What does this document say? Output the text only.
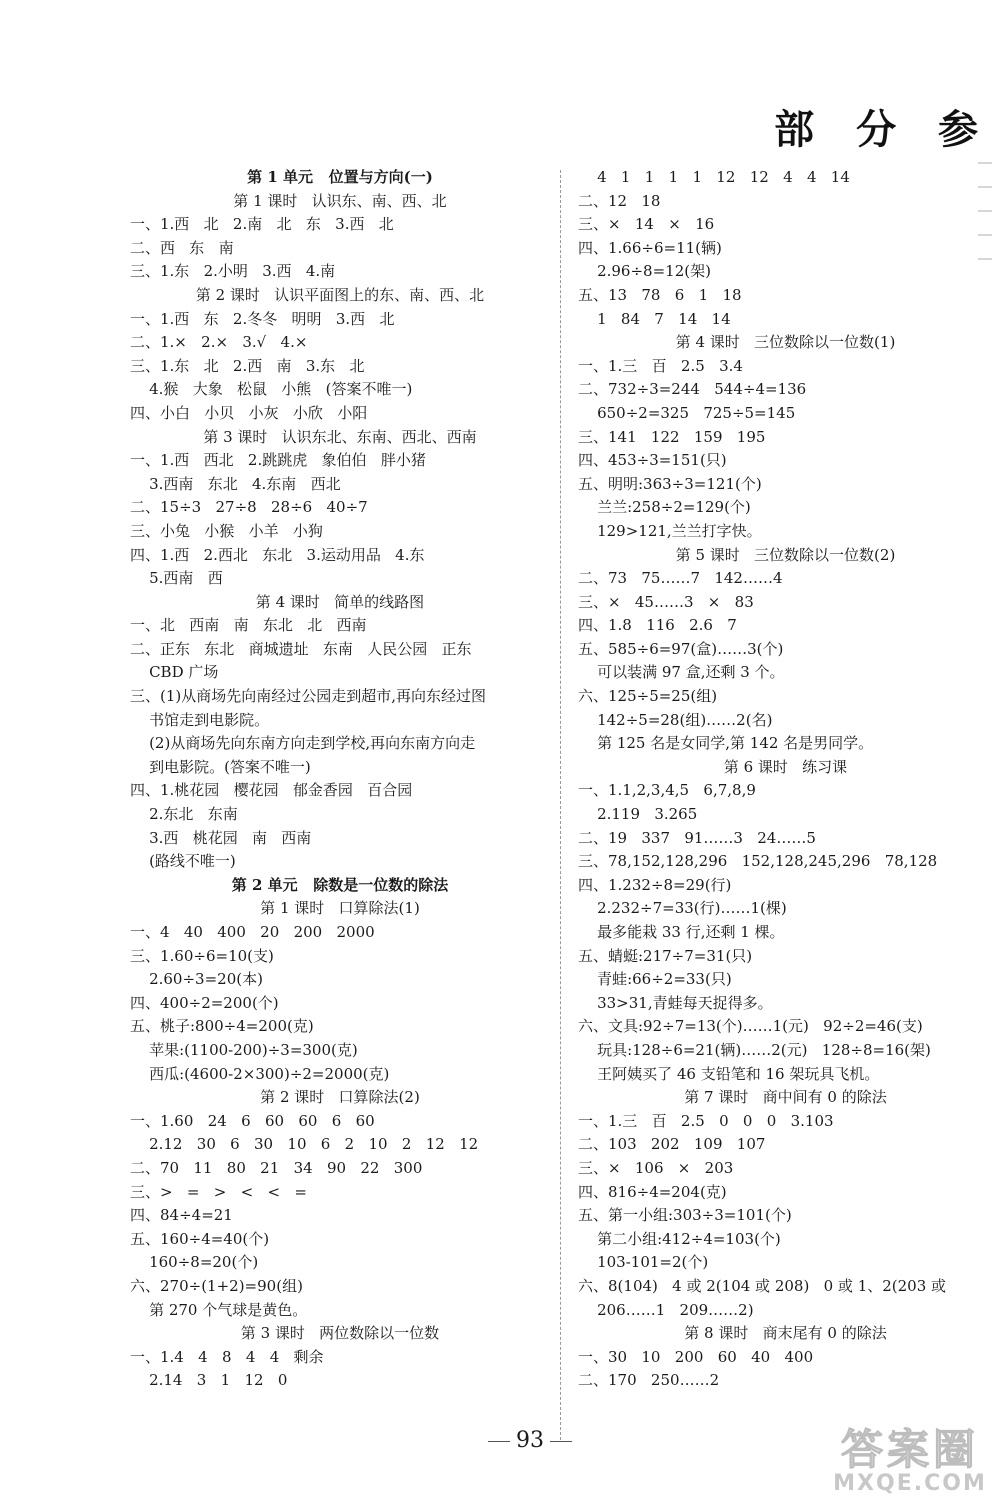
部 分 参
第 1 单元   位置与方向(一)
第 1 课时   认识东、南、西、北
一、1.西   北   2.南   北   东   3.西   北
二、西   东   南
三、1.东   2.小明   3.西   4.南
第 2 课时   认识平面图上的东、南、西、北
一、1.西   东   2.冬冬   明明   3.西   北
二、1.×   2.×   3.√   4.×
三、1.东   北   2.西   南   3.东   北
4.猴   大象   松鼠   小熊   (答案不唯一)
四、小白   小贝   小灰   小欣   小阳
第 3 课时   认识东北、东南、西北、西南
一、1.西   西北   2.跳跳虎   象伯伯   胖小猪
3.西南   东北   4.东南   西北
二、15÷3   27÷8   28÷6   40÷7
三、小兔   小猴   小羊   小狗
四、1.西   2.西北   东北   3.运动用品   4.东
5.西南   西
第 4 课时   简单的线路图
一、北   西南   南   东北   北   西南
二、正东   东北   商城遗址   东南   人民公园   正东
CBD 广场
三、(1)从商场先向南经过公园走到超市,再向东经过图
书馆走到电影院。
(2)从商场先向东南方向走到学校,再向东南方向走
到电影院。(答案不唯一)
四、1.桃花园   樱花园   郁金香园   百合园
2.东北   东南
3.西   桃花园   南   西南
(路线不唯一)
第 2 单元   除数是一位数的除法
第 1 课时   口算除法(1)
一、4   40   400   20   200   2000
三、1.60÷6=10(支)
2.60÷3=20(本)
四、400÷2=200(个)
五、桃子:800÷4=200(克)
苹果:(1100-200)÷3=300(克)
西瓜:(4600-2×300)÷2=2000(克)
第 2 课时   口算除法(2)
一、1.60   24   6   60   60   6   60
2.12   30   6   30   10   6   2   10   2   12   12
二、70   11   80   21   34   90   22   300
三、>   =   >   <   <   =
四、84÷4=21
五、160÷4=40(个)
160÷8=20(个)
六、270÷(1+2)=90(组)
第 270 个气球是黄色。
第 3 课时   两位数除以一位数
一、1.4   4   8   4   4   剩余
2.14   3   1   12   0
4   1   1   1   1   12   12   4   4   14
二、12   18
三、×   14   ×   16
四、1.66÷6=11(辆)
2.96÷8=12(架)
五、13   78   6   1   18
1   84   7   14   14
第 4 课时   三位数除以一位数(1)
一、1.三   百   2.5   3.4
二、732÷3=244   544÷4=136
650÷2=325   725÷5=145
三、141   122   159   195
四、453÷3=151(只)
五、明明:363÷3=121(个)
兰兰:258÷2=129(个)
129>121,兰兰打字快。
第 5 课时   三位数除以一位数(2)
二、73   75……7   142……4
三、×   45……3   ×   83
四、1.8   116   2.6   7
五、585÷6=97(盒)……3(个)
可以装满 97 盒,还剩 3 个。
六、125÷5=25(组)
142÷5=28(组)……2(名)
第 125 名是女同学,第 142 名是男同学。
第 6 课时   练习课
一、1.1,2,3,4,5   6,7,8,9
2.119   3.265
二、19   337   91……3   24……5
三、78,152,128,296   152,128,245,296   78,128
四、1.232÷8=29(行)
2.232÷7=33(行)……1(棵)
最多能栽 33 行,还剩 1 棵。
五、蜻蜓:217÷7=31(只)
青蛙:66÷2=33(只)
33>31,青蛙每天捉得多。
六、文具:92÷7=13(个)……1(元)   92÷2=46(支)
玩具:128÷6=21(辆)……2(元)   128÷8=16(架)
王阿姨买了 46 支铅笔和 16 架玩具飞机。
第 7 课时   商中间有 0 的除法
一、1.三   百   2.5   0   0   0   3.103
二、103   202   109   107
三、×   106   ×   203
四、816÷4=204(克)
五、第一小组:303÷3=101(个)
第二小组:412÷4=103(个)
103-101=2(个)
六、8(104)   4 或 2(104 或 208)   0 或 1、2(203 或
206……1   209……2)
第 8 课时   商末尾有 0 的除法
一、30   10   200   60   40   400
二、170   250……2
93	答案圈
MXQE.COM
